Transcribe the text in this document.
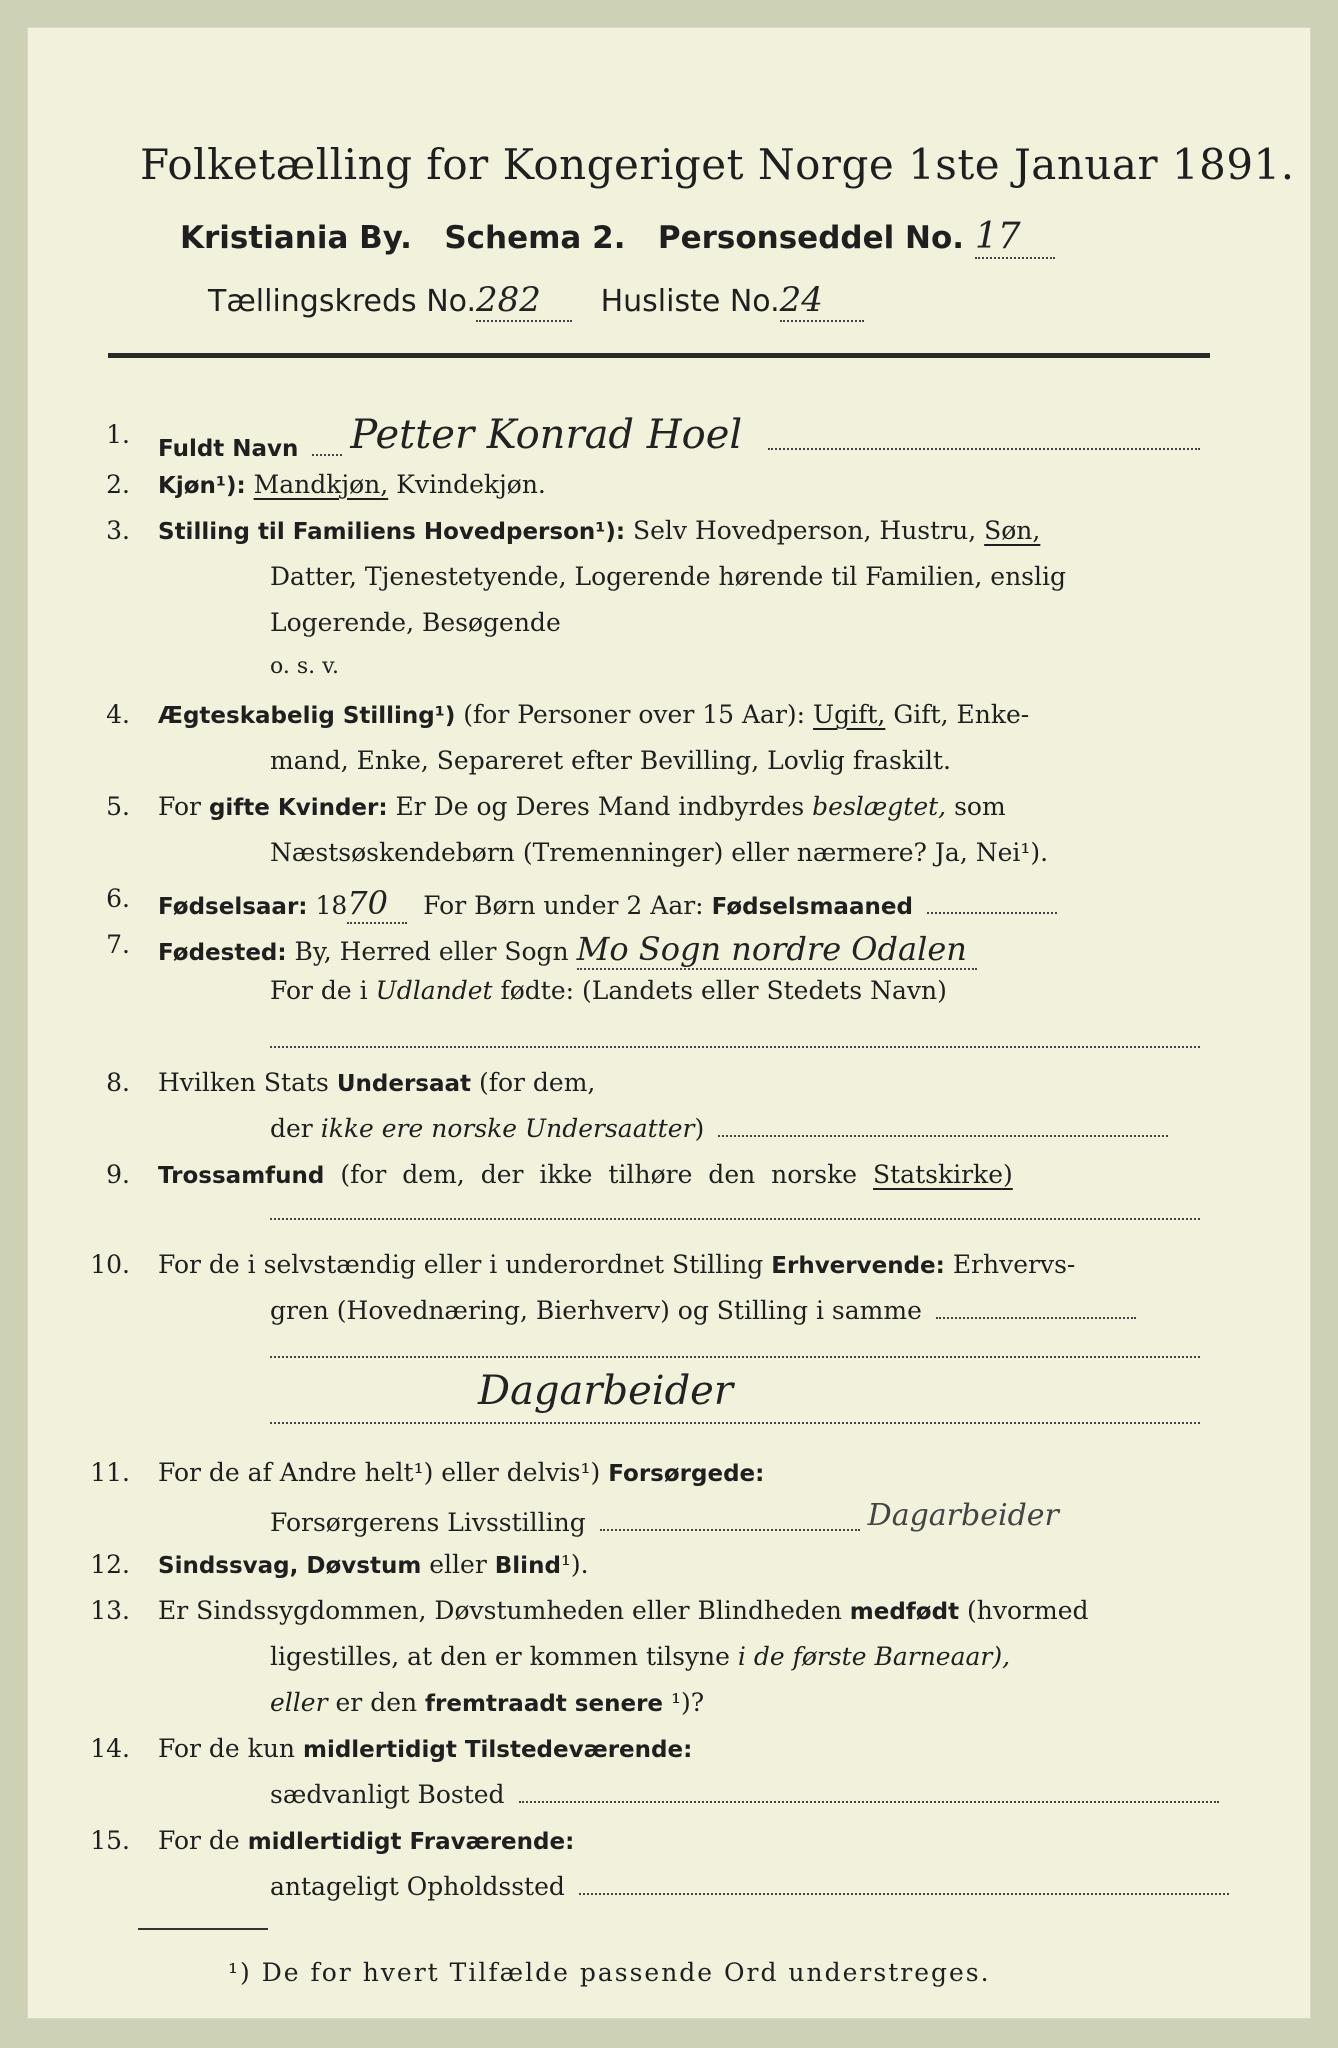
Folketælling for Kongeriget Norge 1ste Januar 1891.
Kristiania By. Schema 2. Personseddel No. 17
Tællingskreds No.282 Husliste No.24
1. Fuldt Navn Petter Konrad Hoel
2. Kjøn¹): Mandkjøn, Kvindekjøn.
3. Stilling til Familiens Hovedperson¹): Selv Hovedperson, Hustru, Søn,
Datter, Tjenestetyende, Logerende hørende til Familien, enslig
Logerende, Besøgende
o. s. v.
4. Ægteskabelig Stilling¹) (for Personer over 15 Aar): Ugift, Gift, Enke-
mand, Enke, Separeret efter Bevilling, Lovlig fraskilt.
5. For gifte Kvinder: Er De og Deres Mand indbyrdes beslægtet, som
Næstsøskendebørn (Tremenninger) eller nærmere? Ja, Nei¹).
6. Fødselsaar: 1870 For Børn under 2 Aar: Fødselsmaaned
7. Fødested: By, Herred eller Sogn Mo Sogn nordre Odalen
For de i Udlandet fødte: (Landets eller Stedets Navn)
8. Hvilken Stats Undersaat (for dem,
der ikke ere norske Undersaatter)
9. Trossamfund (for dem, der ikke tilhøre den norske Statskirke)
10. For de i selvstændig eller i underordnet Stilling Erhvervende: Erhvervs-
gren (Hovednæring, Bierhverv) og Stilling i samme
Dagarbeider
11. For de af Andre helt¹) eller delvis¹) Forsørgede:
Forsørgerens Livsstilling	Dagarbeider
12. Sindssvag, Døvstum eller Blind¹).
13. Er Sindssygdommen, Døvstumheden eller Blindheden medfødt (hvormed
ligestilles, at den er kommen tilsyne i de første Barneaar),
eller er den fremtraadt senere ¹)?
14. For de kun midlertidigt Tilstedeværende:
sædvanligt Bosted
15. For de midlertidigt Fraværende:
antageligt Opholdssted
¹) De for hvert Tilfælde passende Ord understreges.
